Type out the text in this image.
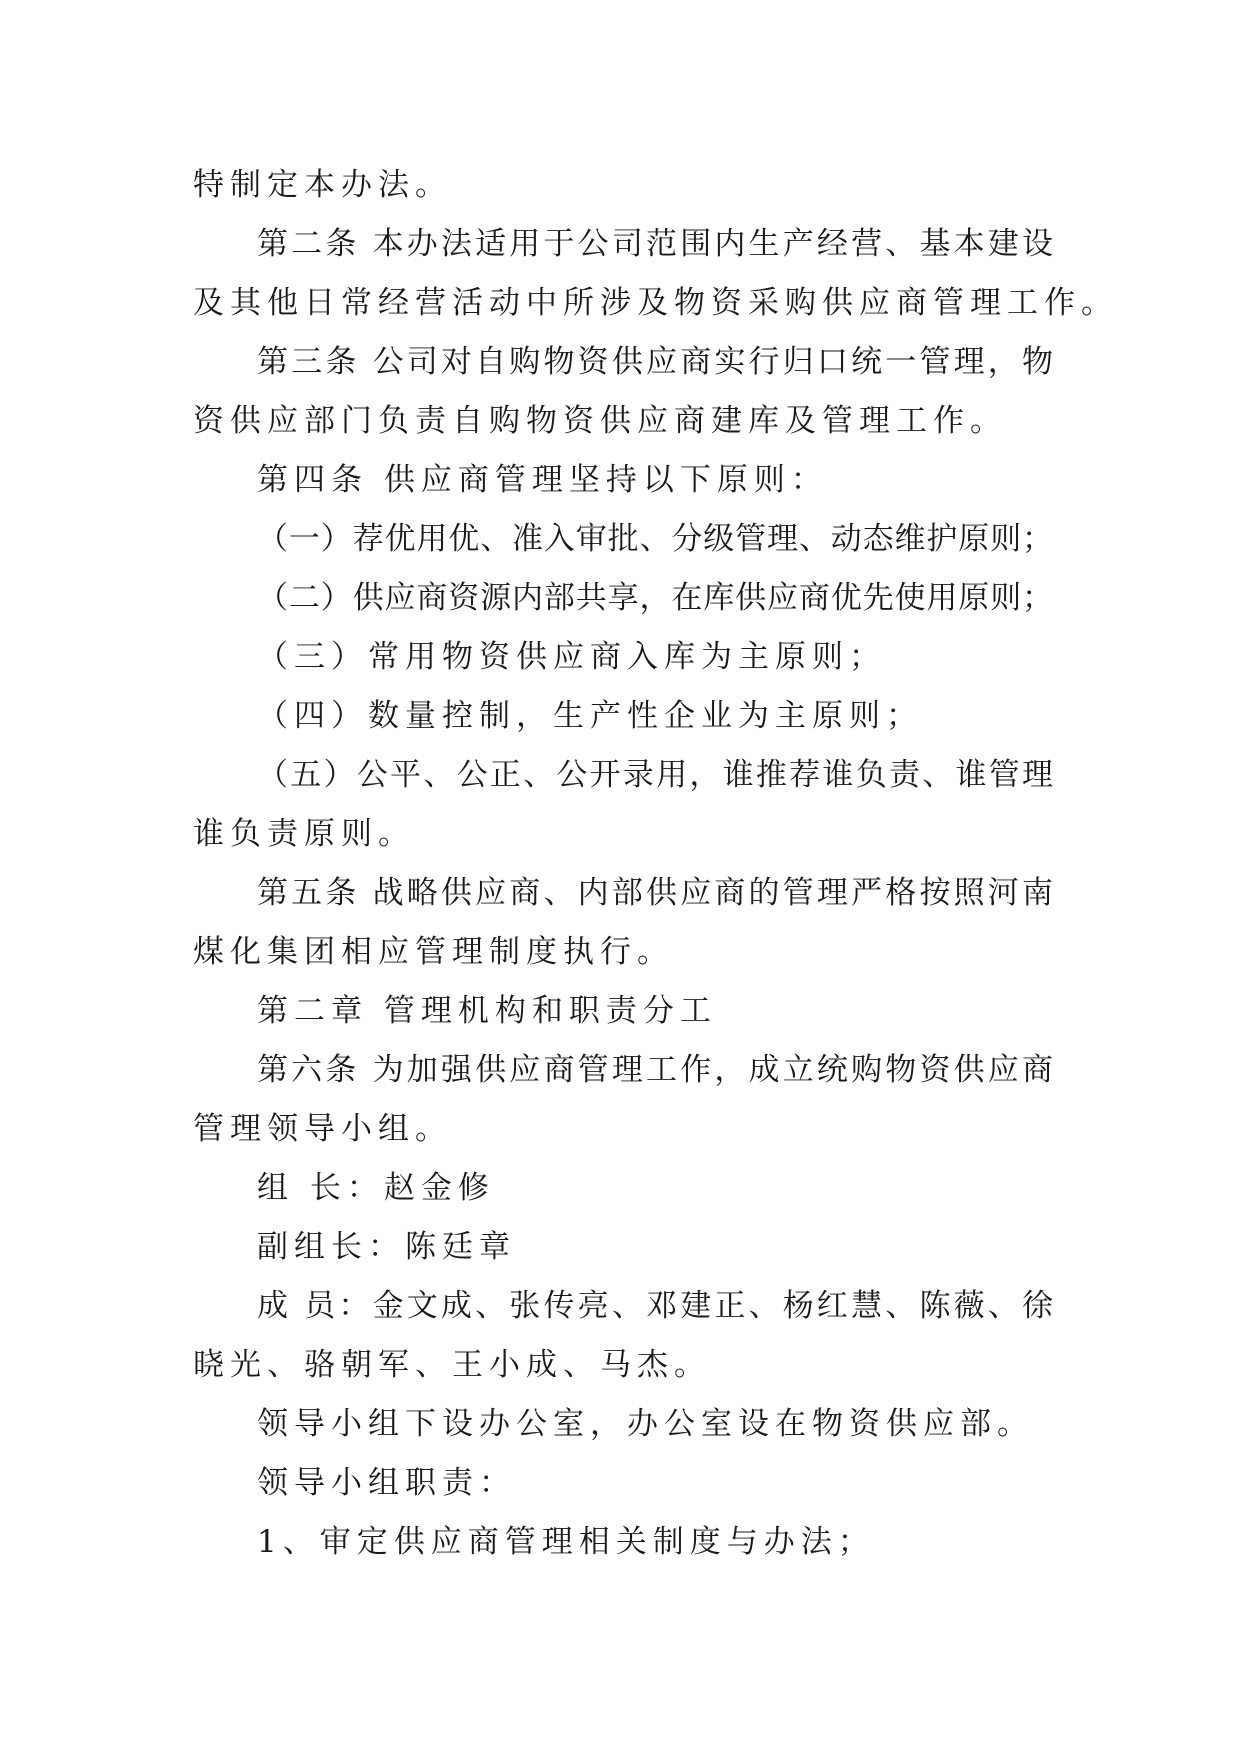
特制定本办法。
第二条 本办法适用于公司范围内生产经营、基本建设
及其他日常经营活动中所涉及物资采购供应商管理工作。
第三条 公司对自购物资供应商实行归口统一管理，物
资供应部门负责自购物资供应商建库及管理工作。
第四条 供应商管理坚持以下原则：
（一）荐优用优、准入审批、分级管理、动态维护原则；
（二）供应商资源内部共享，在库供应商优先使用原则；
（三）常用物资供应商入库为主原则；
（四）数量控制，生产性企业为主原则；
（五）公平、公正、公开录用，谁推荐谁负责、谁管理
谁负责原则。
第五条 战略供应商、内部供应商的管理严格按照河南
煤化集团相应管理制度执行。
第二章 管理机构和职责分工
第六条 为加强供应商管理工作，成立统购物资供应商
管理领导小组。
组 长：赵金修
副组长：陈廷章
成 员：金文成、张传亮、邓建正、杨红慧、陈薇、徐
晓光、骆朝军、王小成、马杰。
领导小组下设办公室，办公室设在物资供应部。
领导小组职责：
1、审定供应商管理相关制度与办法；
